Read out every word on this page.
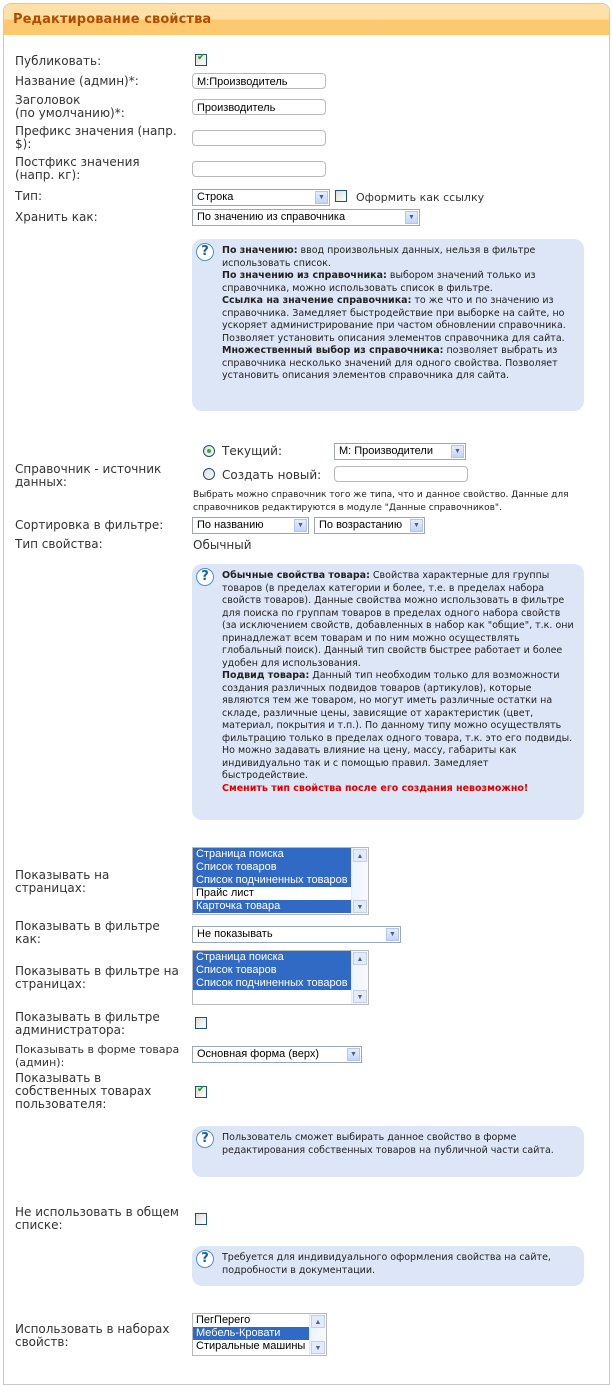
Редактирование свойства
Публиковать:
✔
Название (админ)*:	М:Производитель
Заголовок
(по умолчанию)*:	Производитель
Префикс значения (напр.
$):
Постфикс значения
(напр. кг):
Тип:	Строка	▼	Оформить как ссылку
Хранить как:	По значению из справочника	▼
?	По значению: ввод произвольных данных, нельзя в фильтре использовать список.
По значению из справочника: выбором значений только из справочника, можно использовать список в фильтре.
Ссылка на значение справочника: то же что и по значению из справочника. Замедляет быстродействие при выборке на сайте, но ускоряет администрирование при частом обновлении справочника. Позволяет установить описания элементов справочника для сайта.
Множественный выбор из справочника: позволяет выбрать из справочника несколько значений для одного свойства. Позволяет установить описания элементов справочника для сайта.
Справочник - источник
данных:
Текущий:	М: Производители	▼
Создать новый:
Выбрать можно справочник того же типа, что и данное свойство. Данные для
справочников редактируются в модуле "Данные справочников".
Сортировка в фильтре:	По названию	▼	По возрастанию	▼
Тип свойства:	Обычный
?	Обычные свойства товара: Свойства характерные для группы товаров (в пределах категории и более, т.е. в пределах набора свойств товаров). Данные свойства можно использовать в фильтре для поиска по группам товаров в пределах одного набора свойств (за исключением свойств, добавленных в набор как "общие", т.к. они принадлежат всем товарам и по ним можно осуществлять глобальный поиск). Данный тип свойств быстрее работает и более удобен для использования.
Подвид товара: Данный тип необходим только для возможности создания различных подвидов товаров (артикулов), которые являются тем же товаром, но могут иметь различные остатки на складе, различные цены, зависящие от характеристик (цвет, материал, покрытия и т.п.). По данному типу можно осуществлять фильтрацию только в пределах одного товара, т.к. это его подвиды. Но можно задавать влияние на цену, массу, габариты как индивидуально так и с помощью правил. Замедляет быстродействие.
Сменить тип свойства после его создания невозможно!
Показывать на
страницах:
Страница поиска
Список товаров
Список подчиненных товаров
Прайс лист
Карточка товара
▲
▼
Показывать в фильтре
как:	Не показывать	▼
Показывать в фильтре на
страницах:
Страница поиска
Список товаров
Список подчиненных товаров
▲
▼
Показывать в фильтре
администратора:
Показывать в форме товара
(админ):
Основная форма (верх)	▼
Показывать в
собственных товарах
пользователя:
✔
?	Пользователь сможет выбирать данное свойство в форме редактирования собственных товаров на публичной части сайта.
Не использовать в общем
списке:
?	Требуется для индивидуального оформления свойства на сайте, подробности в документации.
Использовать в наборах
свойств:
ПегПерего
Мебель-Кровати
Стиральные машины
▲
▼
